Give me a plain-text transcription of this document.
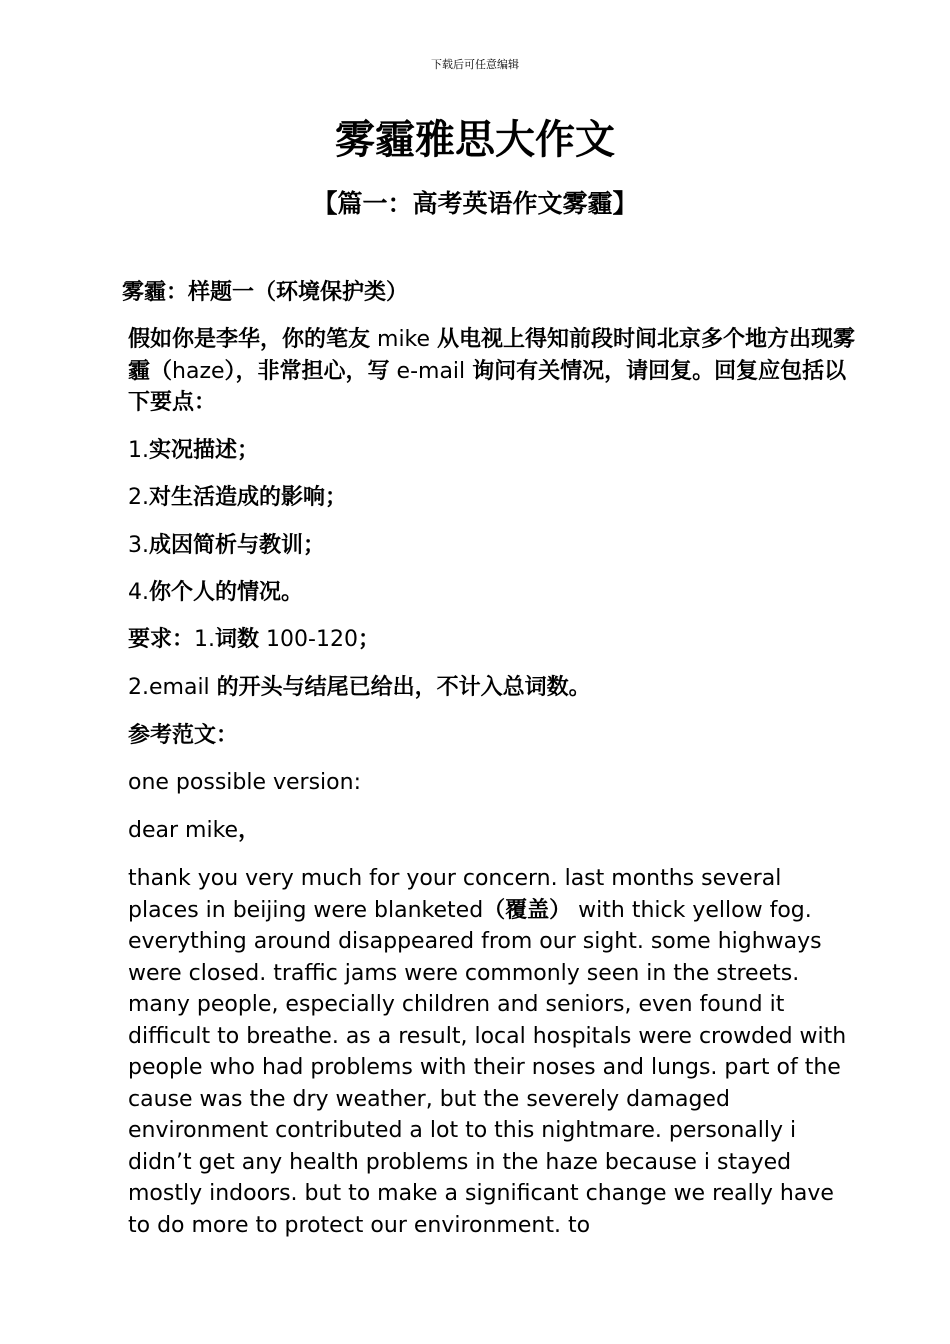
下载后可任意编辑
雾霾雅思大作文
【篇一：高考英语作文雾霾】
雾霾：样题一（环境保护类）
假如你是李华，你的笔友 mike 从电视上得知前段时间北京多个地方出现雾霾（haze），非常担心，写 e-mail 询问有关情况，请回复。回复应包括以下要点：
1.实况描述；
2.对生活造成的影响；
3.成因简析与教训；
4.你个人的情况。
要求：1.词数 100-120；
2.email 的开头与结尾已给出，不计入总词数。
参考范文：
one possible version:
dear mike，
thank you very much for your concern. last months several places in beijing were blanketed（覆盖） with thick yellow fog. everything around disappeared from our sight. some highways were closed. traffic jams were commonly seen in the streets. many people, especially children and seniors, even found it difficult to breathe. as a result, local hospitals were crowded with people who had problems with their noses and lungs. part of the cause was the dry weather, but the severely damaged environment contributed a lot to this nightmare. personally i didn’t get any health problems in the haze because i stayed mostly indoors. but to make a significant change we really have to do more to protect our environment. to
